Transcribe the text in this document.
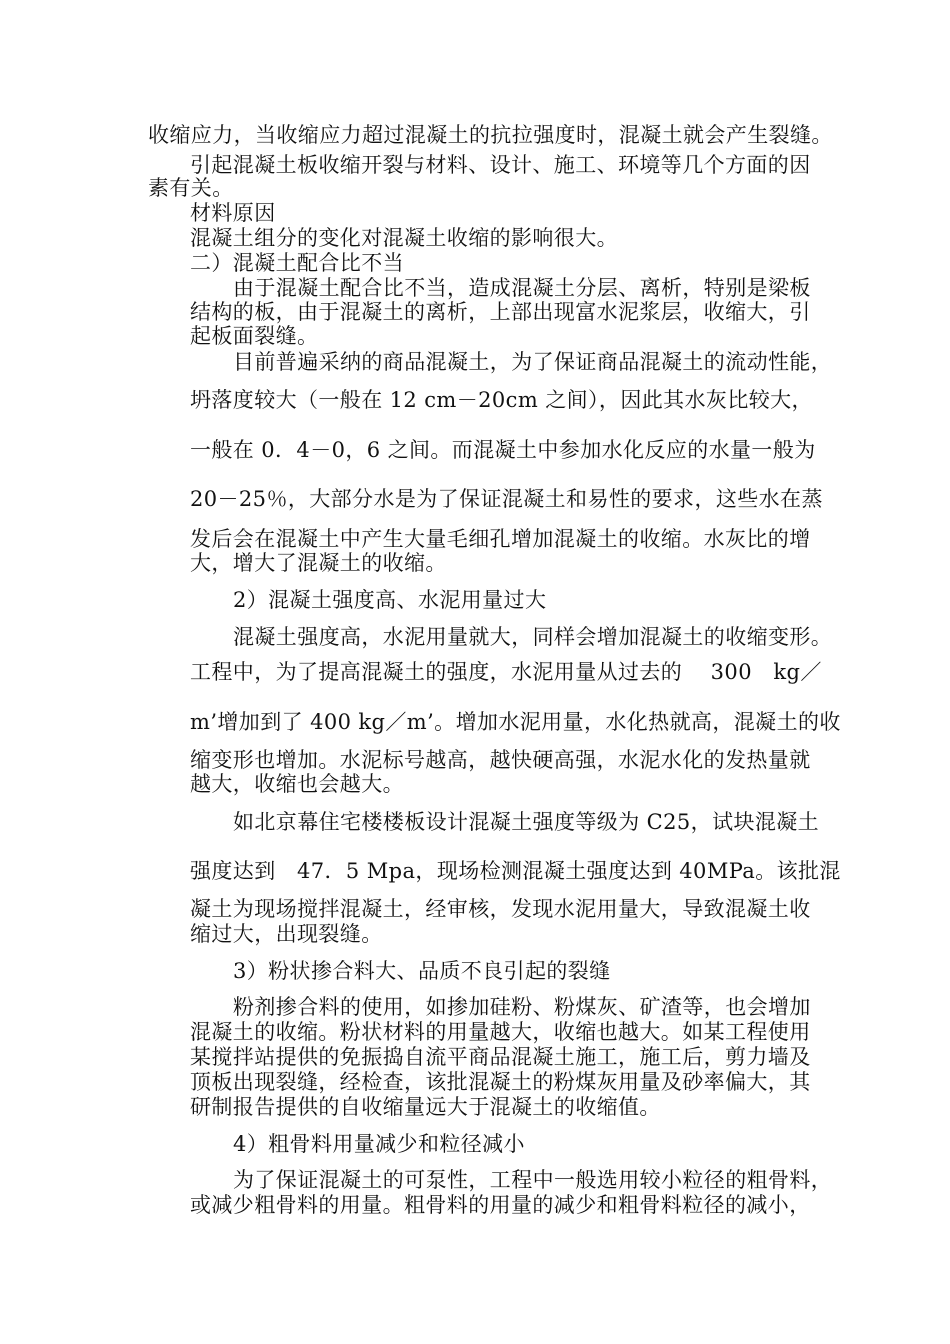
收缩应力，当收缩应力超过混凝土的抗拉强度时，混凝土就会产生裂缝。
引起混凝土板收缩开裂与材料、设计、施工、环境等几个方面的因
素有关。
材料原因
混凝土组分的变化对混凝土收缩的影响很大。
二）混凝土配合比不当
由于混凝土配合比不当，造成混凝土分层、离析，特别是梁板
结构的板，由于混凝土的离析，上部出现富水泥浆层，收缩大，引
起板面裂缝。
目前普遍采纳的商品混凝土，为了保证商品混凝土的流动性能，
坍落度较大（一般在 12 cm－20cm 之间），因此其水灰比较大，
一般在 0．4－0，6 之间。而混凝土中参加水化反应的水量一般为
20－25％，大部分水是为了保证混凝土和易性的要求，这些水在蒸
发后会在混凝土中产生大量毛细孔增加混凝土的收缩。水灰比的增
大，增大了混凝土的收缩。
2）混凝土强度高、水泥用量过大
混凝土强度高，水泥用量就大，同样会增加混凝土的收缩变形。
工程中，为了提高混凝土的强度，水泥用量从过去的　 300　kg／
m’增加到了 400 kg／m’。增加水泥用量，水化热就高，混凝土的收
缩变形也增加。水泥标号越高，越快硬高强，水泥水化的发热量就
越大，收缩也会越大。
如北京幕住宅楼楼板设计混凝土强度等级为 C25，试块混凝土
强度达到　47．5 Mpa，现场检测混凝土强度达到 40MPa。该批混
凝土为现场搅拌混凝土，经审核，发现水泥用量大，导致混凝土收
缩过大，出现裂缝。
3）粉状掺合料大、品质不良引起的裂缝
粉剂掺合料的使用，如掺加硅粉、粉煤灰、矿渣等，也会增加
混凝土的收缩。粉状材料的用量越大，收缩也越大。如某工程使用
某搅拌站提供的免振捣自流平商品混凝土施工，施工后，剪力墙及
顶板出现裂缝，经检查，该批混凝土的粉煤灰用量及砂率偏大，其
研制报告提供的自收缩量远大于混凝土的收缩值。
4）粗骨料用量减少和粒径减小
为了保证混凝土的可泵性，工程中一般选用较小粒径的粗骨料，
或减少粗骨料的用量。粗骨料的用量的减少和粗骨料粒径的减小，
